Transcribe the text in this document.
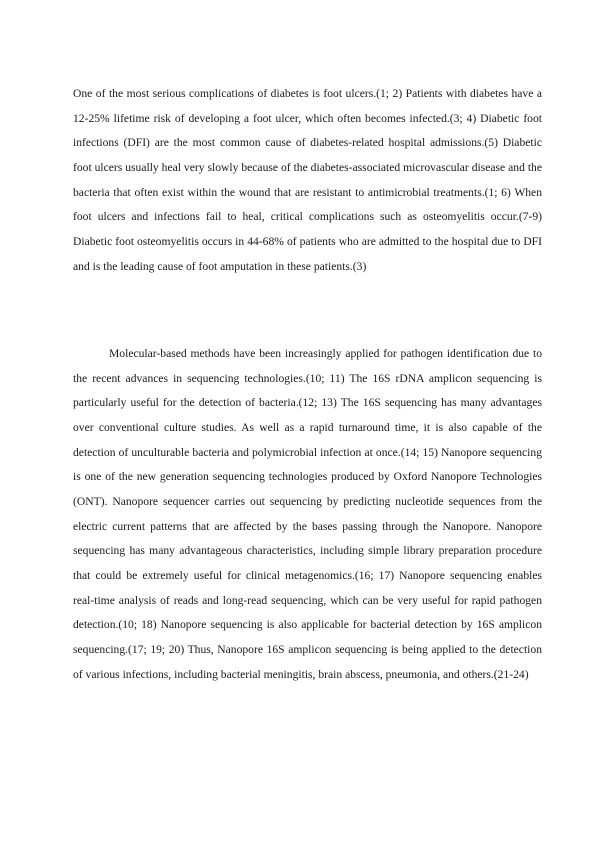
One of the most serious complications of diabetes is foot ulcers.(1; 2) Patients with diabetes have a 12-25% lifetime risk of developing a foot ulcer, which often becomes infected.(3; 4) Diabetic foot infections (DFI) are the most common cause of diabetes-related hospital admissions.(5) Diabetic foot ulcers usually heal very slowly because of the diabetes-associated microvascular disease and the bacteria that often exist within the wound that are resistant to antimicrobial treatments.(1; 6) When foot ulcers and infections fail to heal, critical complications such as osteomyelitis occur.(7-9) Diabetic foot osteomyelitis occurs in 44-68% of patients who are admitted to the hospital due to DFI and is the leading cause of foot amputation in these patients.(3)

Molecular-based methods have been increasingly applied for pathogen identification due to the recent advances in sequencing technologies.(10; 11) The 16S rDNA amplicon sequencing is particularly useful for the detection of bacteria.(12; 13) The 16S sequencing has many advantages over conventional culture studies. As well as a rapid turnaround time, it is also capable of the detection of unculturable bacteria and polymicrobial infection at once.(14; 15) Nanopore sequencing is one of the new generation sequencing technologies produced by Oxford Nanopore Technologies (ONT). Nanopore sequencer carries out sequencing by predicting nucleotide sequences from the electric current patterns that are affected by the bases passing through the Nanopore. Nanopore sequencing has many advantageous characteristics, including simple library preparation procedure that could be extremely useful for clinical metagenomics.(16; 17) Nanopore sequencing enables real-time analysis of reads and long-read sequencing, which can be very useful for rapid pathogen detection.(10; 18) Nanopore sequencing is also applicable for bacterial detection by 16S amplicon sequencing.(17; 19; 20) Thus, Nanopore 16S amplicon sequencing is being applied to the detection of various infections, including bacterial meningitis, brain abscess, pneumonia, and others.(21-24)
